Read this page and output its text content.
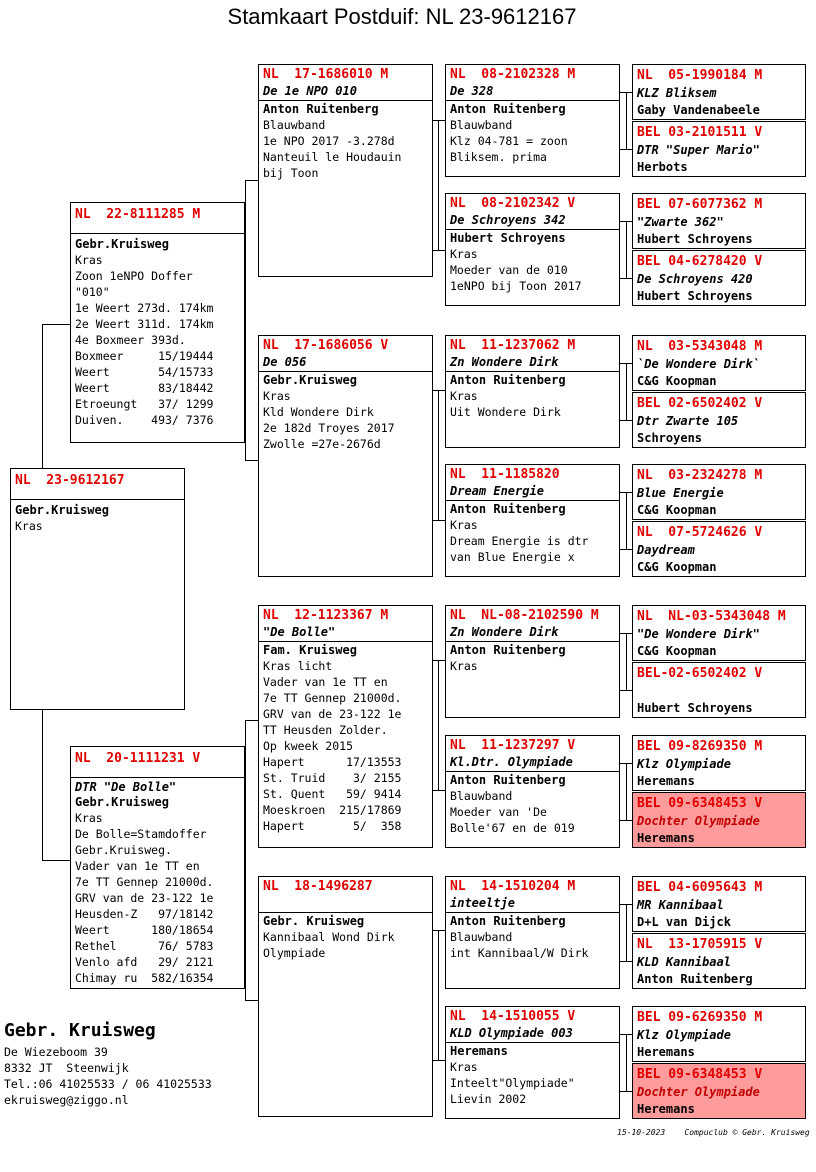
Stamkaart Postduif: NL 23-9612167
NL  23-9612167
Gebr.Kruisweg
Kras
NL  22-8111285 M
Gebr.Kruisweg
Kras
Zoon 1eNPO Doffer
"010"
1e Weert 273d. 174km
2e Weert 311d. 174km
4e Boxmeer 393d.
Boxmeer     15/19444
Weert       54/15733
Weert       83/18442
Etroeungt   37/ 1299
Duiven.    493/ 7376
NL  20-1111231 V
DTR "De Bolle"
Gebr.Kruisweg
Kras
De Bolle=Stamdoffer
Gebr.Kruisweg.
Vader van 1e TT en
7e TT Gennep 21000d.
GRV van de 23-122 1e
Heusden-Z   97/18142
Weert      180/18654
Rethel      76/ 5783
Venlo afd   29/ 2121
Chimay ru  582/16354
NL  17-1686010 M
De 1e NPO 010
Anton Ruitenberg
Blauwband
1e NPO 2017 -3.278d
Nanteuil le Houdauin
bij Toon
NL  17-1686056 V
De 056
Gebr.Kruisweg
Kras
Kld Wondere Dirk
2e 182d Troyes 2017
Zwolle =27e-2676d
NL  12-1123367 M
"De Bolle"
Fam. Kruisweg
Kras licht
Vader van 1e TT en
7e TT Gennep 21000d.
GRV van de 23-122 1e
TT Heusden Zolder.
Op kweek 2015
Hapert      17/13553
St. Truid    3/ 2155
St. Quent   59/ 9414
Moeskroen  215/17869
Hapert       5/  358
NL  18-1496287
Gebr. Kruisweg
Kannibaal Wond Dirk
Olympiade
NL  08-2102328 M
De 328
Anton Ruitenberg
Blauwband
Klz 04-781 = zoon
Bliksem. prima
NL  08-2102342 V
De Schroyens 342
Hubert Schroyens
Kras
Moeder van de 010
1eNPO bij Toon 2017
NL  11-1237062 M
Zn Wondere Dirk
Anton Ruitenberg
Kras
Uit Wondere Dirk
NL  11-1185820
Dream Energie
Anton Ruitenberg
Kras
Dream Energie is dtr
van Blue Energie x
NL  NL-08-2102590 M
Zn Wondere Dirk
Anton Ruitenberg
Kras
NL  11-1237297 V
Kl.Dtr. Olympiade
Anton Ruitenberg
Blauwband
Moeder van 'De
Bolle'67 en de 019
NL  14-1510204 M
inteeltje
Anton Ruitenberg
Blauwband
int Kannibaal/W Dirk
NL  14-1510055 V
KLD Olympiade 003
Heremans
Kras
Inteelt"Olympiade"
Lievin 2002
NL  05-1990184 M
KLZ Bliksem
Gaby Vandenabeele
BEL 03-2101511 V
DTR "Super Mario"
Herbots
BEL 07-6077362 M
"Zwarte 362"
Hubert Schroyens
BEL 04-6278420 V
De Schroyens 420
Hubert Schroyens
NL  03-5343048 M
`De Wondere Dirk`
C&G Koopman
BEL 02-6502402 V
Dtr Zwarte 105
Schroyens
NL  03-2324278 M
Blue Energie
C&G Koopman
NL  07-5724626 V
Daydream
C&G Koopman
NL  NL-03-5343048 M
"De Wondere Dirk"
C&G Koopman
BEL-02-6502402 V
Hubert Schroyens
BEL 09-8269350 M
Klz Olympiade
Heremans
BEL 09-6348453 V
Dochter Olympiade
Heremans
BEL 04-6095643 M
MR Kannibaal
D+L van Dijck
NL  13-1705915 V
KLD Kannibaal
Anton Ruitenberg
BEL 09-6269350 M
Klz Olympiade
Heremans
BEL 09-6348453 V
Dochter Olympiade
Heremans
Gebr. Kruisweg
De Wiezeboom 39
8332 JT  Steenwijk
Tel.:06 41025533 / 06 41025533
ekruisweg@ziggo.nl
15-10-2023    Compuclub © Gebr. Kruisweg
